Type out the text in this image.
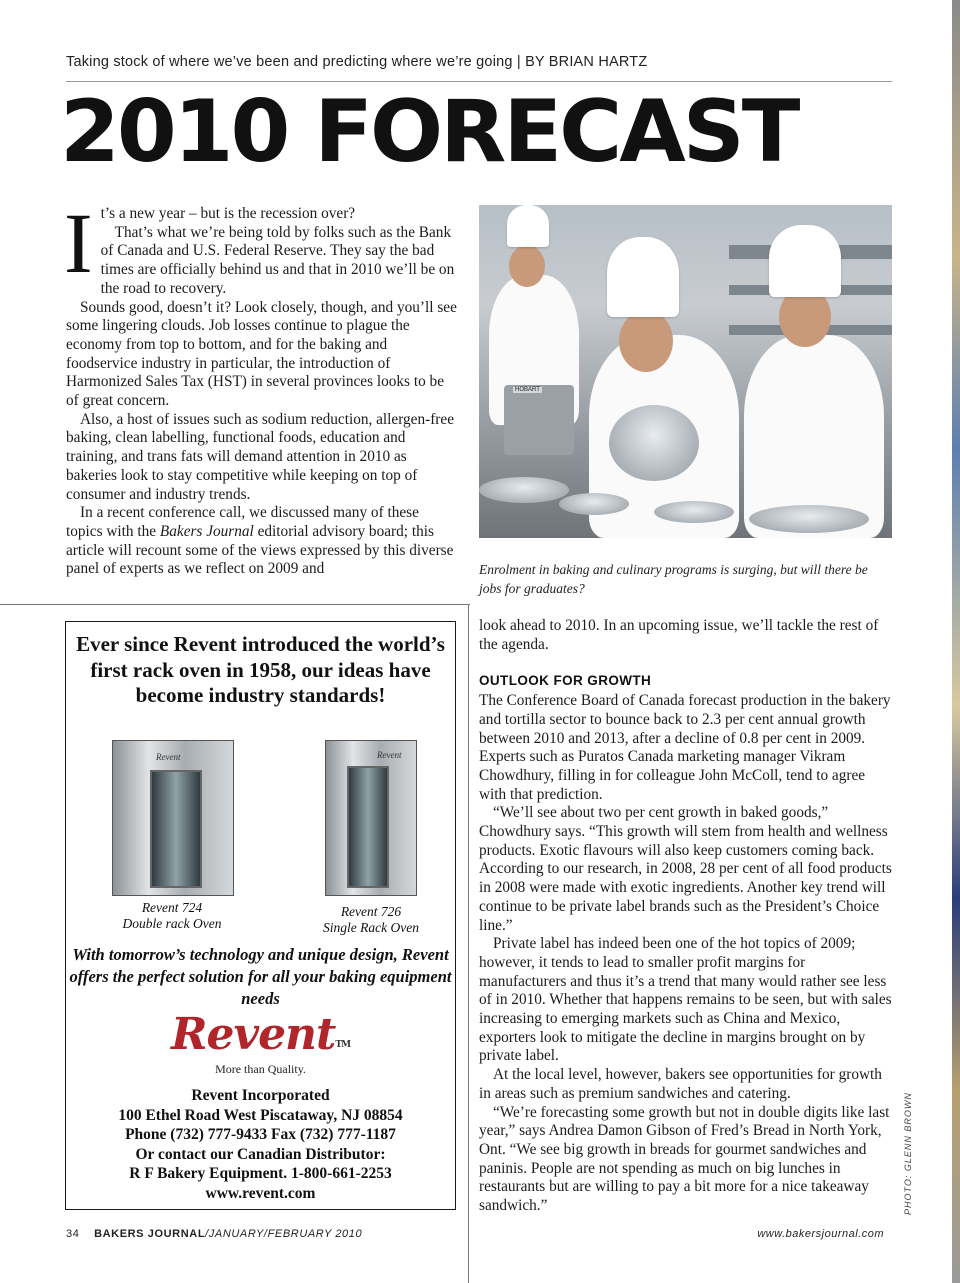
Taking stock of where we’ve been and predicting where we’re going | BY BRIAN HARTZ
2010 FORECAST
I t’s a new year – but is the recession over?

That’s what we’re being told by folks such as the Bank of Canada and U.S. Federal Reserve. They say the bad times are officially behind us and that in 2010 we’ll be on the road to recovery.

Sounds good, doesn’t it? Look closely, though, and you’ll see some lingering clouds. Job losses continue to plague the economy from top to bottom, and for the baking and

foodservice industry in particular, the introduction of Harmonized Sales Tax (HST) in several provinces looks to be of great concern.

Also, a host of issues such as sodium reduction, allergen-free baking, clean labelling, functional foods, education and training, and trans fats will demand attention in 2010 as bakeries look to stay competitive while keeping on top of consumer and industry trends.

In a recent conference call, we discussed many of these topics with the Bakers Journal editorial advisory board; this article will recount some of the views expressed by this diverse panel of experts as we reflect on 2009 and

HOBART
Enrolment in baking and culinary programs is surging, but will there be jobs for graduates?
Ever since Revent introduced the world’s first rack oven in 1958, our ideas have become industry standards!
Revent
Revent 724
Double rack Oven
Revent
Revent 726
Single Rack Oven
With tomorrow’s technology and unique design, Revent offers the perfect solution for all your baking equipment needs
ReventTM
More than Quality.
Revent Incorporated
100 Ethel Road West Piscataway, NJ 08854
Phone (732) 777-9433 Fax (732) 777-1187
Or contact our Canadian Distributor:
R F Bakery Equipment. 1-800-661-2253
www.revent.com

look ahead to 2010. In an upcoming issue, we’ll tackle the rest of the agenda.

OUTLOOK FOR GROWTH

The Conference Board of Canada forecast production in the bakery and tortilla sector to bounce back to 2.3 per cent annual growth between 2010 and 2013, after a decline of 0.8 per cent in 2009. Experts such as Puratos Canada marketing manager Vikram Chowdhury, filling in for colleague John McColl, tend to agree with that prediction.

“We’ll see about two per cent growth in baked goods,” Chowdhury says. “This growth will stem from health and wellness products. Exotic flavours will also keep customers coming back. According to our research, in 2008, 28 per cent of all food products in 2008 were made with exotic ingredients. Another key trend will continue to be private label brands such as the President’s Choice line.”

Private label has indeed been one of the hot topics of 2009; however, it tends to lead to smaller profit margins for manufacturers and thus it’s a trend that many would rather see less of in 2010. Whether that happens remains to be seen, but with sales increasing to emerging markets such as China and Mexico, exporters look to mitigate the decline in margins brought on by private label.

At the local level, however, bakers see opportunities for growth in areas such as premium sandwiches and catering.

“We’re forecasting some growth but not in double digits like last year,” says Andrea Damon Gibson of Fred’s Bread in North York, Ont. “We see big growth in breads for gourmet sandwiches and paninis. People are not spending as much on big lunches in restaurants but are willing to pay a bit more for a nice takeaway sandwich.”	PHOTO: GLENN BROWN
34 BAKERS JOURNAL/JANUARY/FEBRUARY 2010	www.bakersjournal.com
